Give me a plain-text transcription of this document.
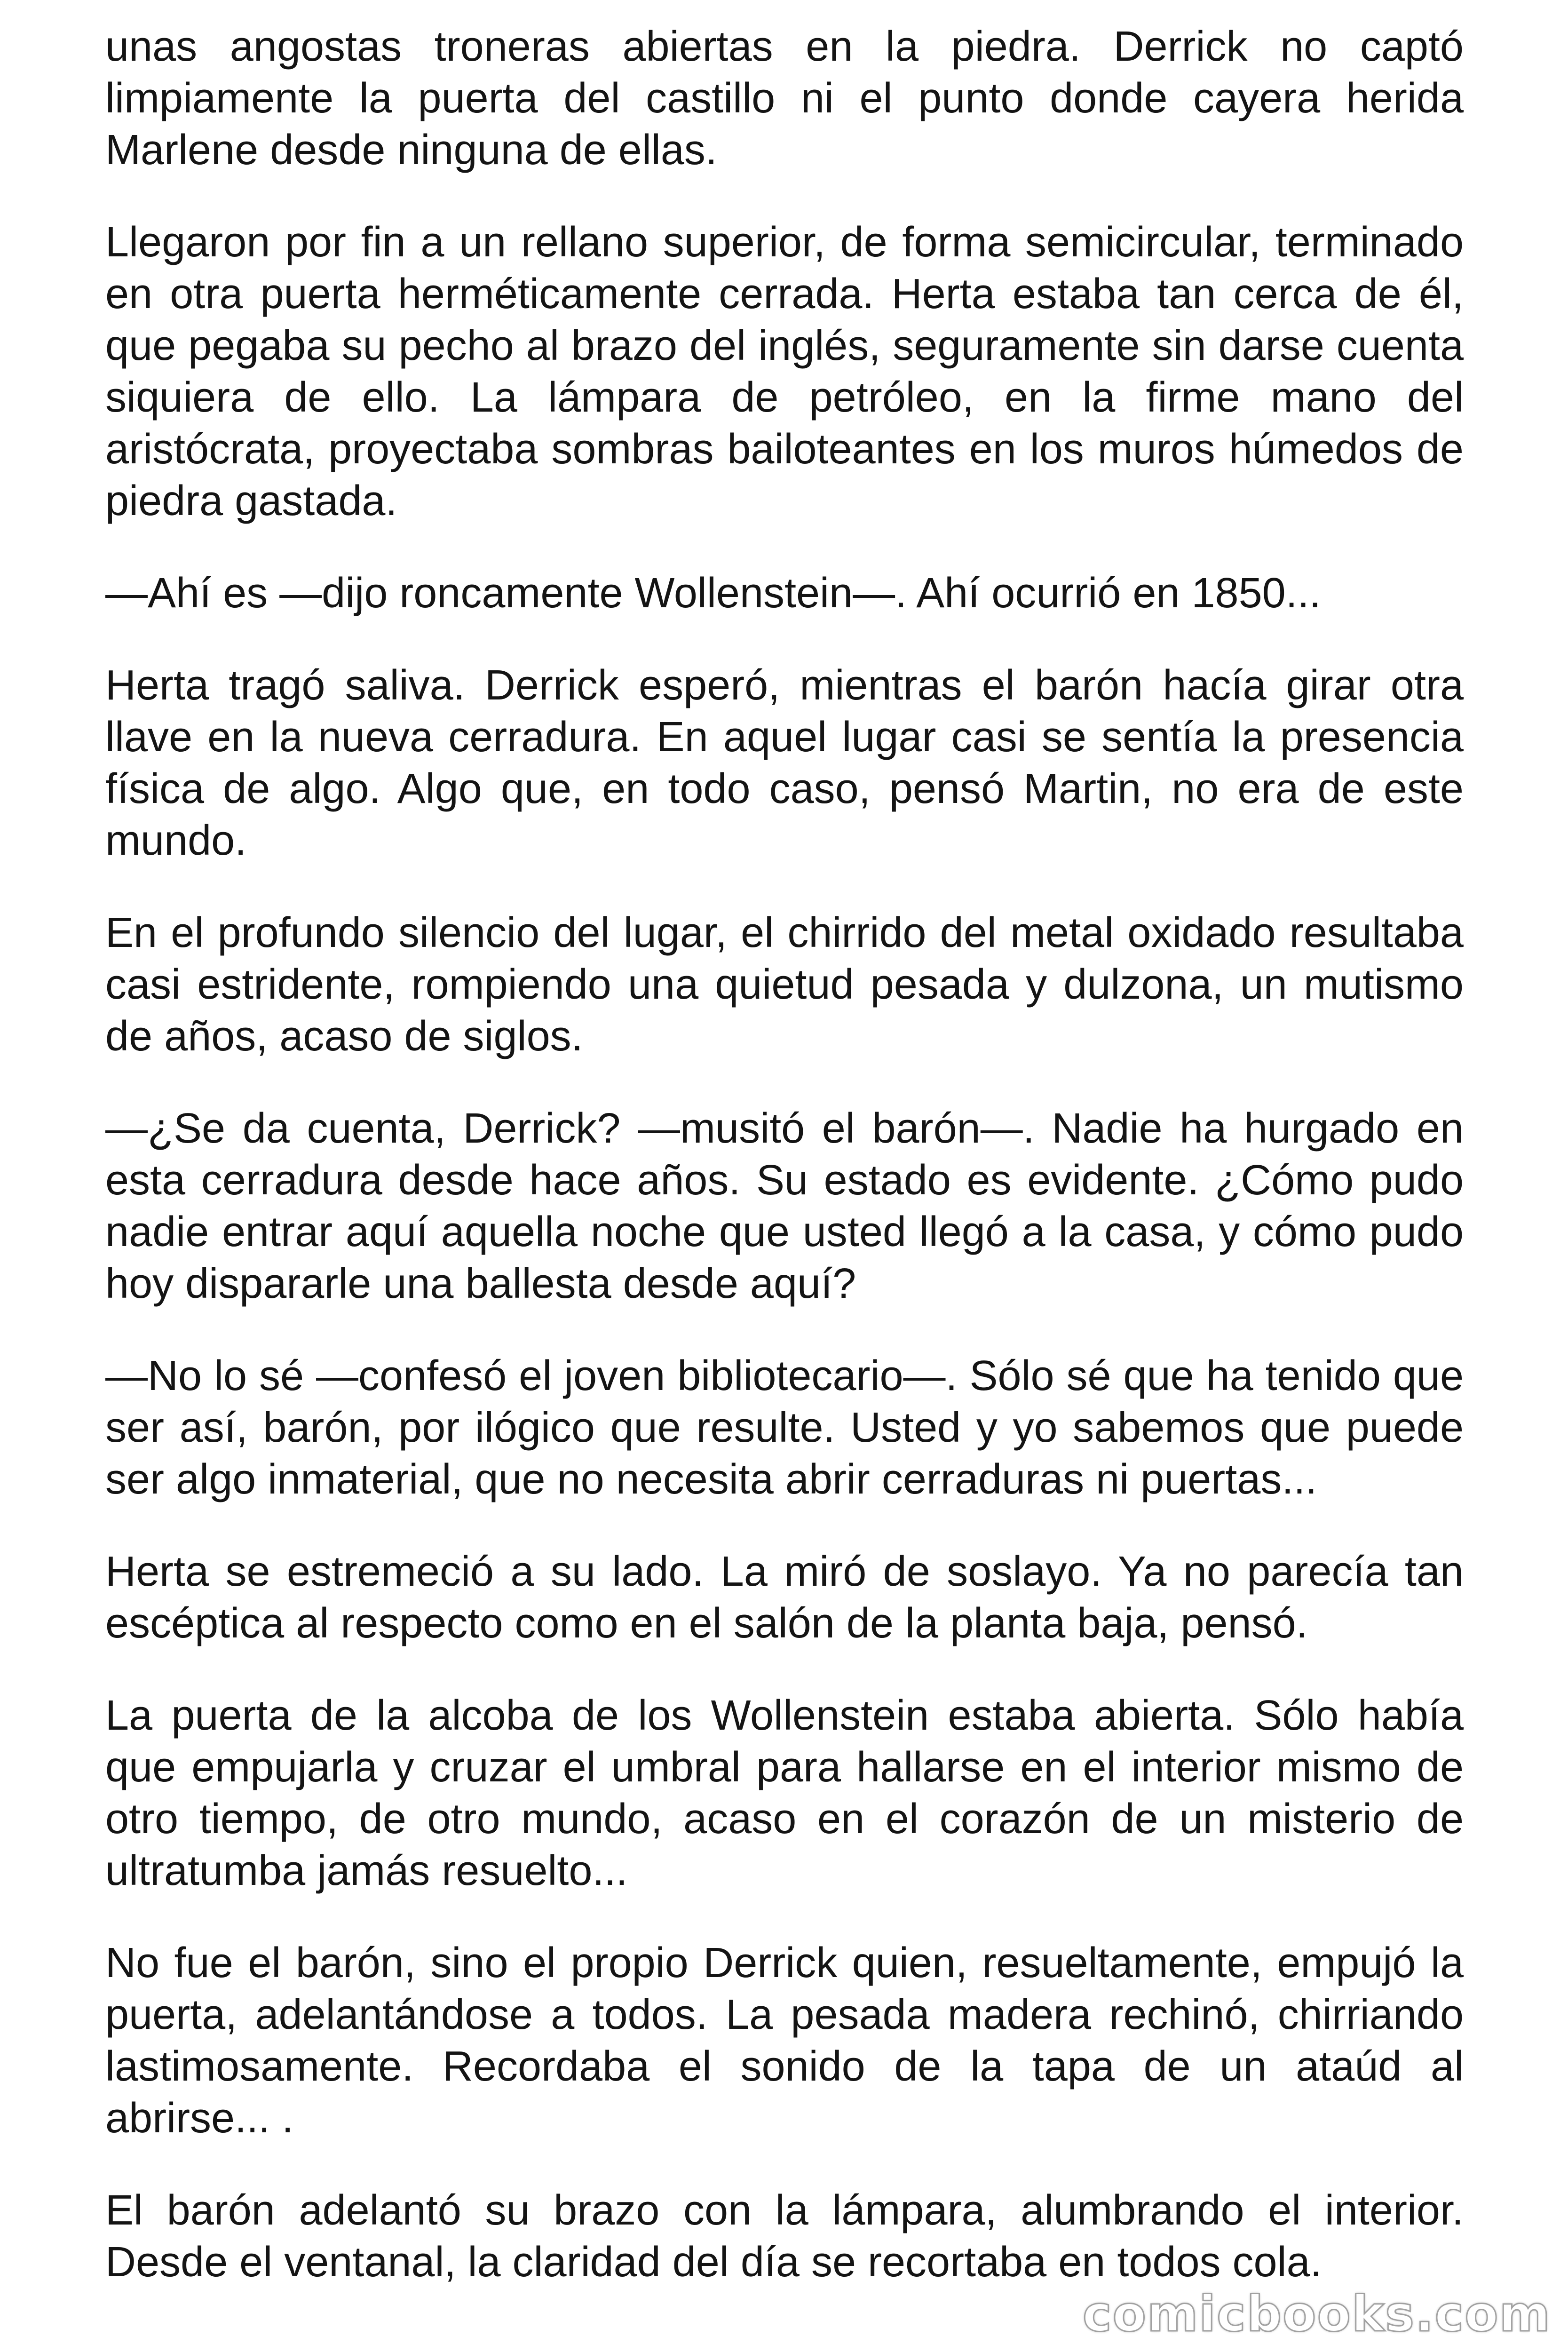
unas angostas troneras abiertas en la piedra. Derrick no captó limpiamente la puerta del castillo ni el punto donde cayera herida Marlene desde ninguna de ellas.

Llegaron por fin a un rellano superior, de forma semicircular, terminado en otra puerta herméticamente cerrada. Herta estaba tan cerca de él, que pegaba su pecho al brazo del inglés, seguramente sin darse cuenta siquiera de ello. La lámpara de petróleo, en la firme mano del aristócrata, proyectaba sombras bailoteantes en los muros húmedos de piedra gastada.

—Ahí es —dijo roncamente Wollenstein—. Ahí ocurrió en 1850...

Herta tragó saliva. Derrick esperó, mientras el barón hacía girar otra llave en la nueva cerradura. En aquel lugar casi se sentía la presencia física de algo. Algo que, en todo caso, pensó Martin, no era de este mundo.

En el profundo silencio del lugar, el chirrido del metal oxidado resultaba casi estridente, rompiendo una quietud pesada y dulzona, un mutismo de años, acaso de siglos.

—¿Se da cuenta, Derrick? —musitó el barón—. Nadie ha hurgado en esta cerradura desde hace años. Su estado es evidente. ¿Cómo pudo nadie entrar aquí aquella noche que usted llegó a la casa, y cómo pudo hoy dispararle una ballesta desde aquí?

—No lo sé —confesó el joven bibliotecario—. Sólo sé que ha tenido que ser así, barón, por ilógico que resulte. Usted y yo sabemos que puede ser algo inmaterial, que no necesita abrir cerraduras ni puertas...

Herta se estremeció a su lado. La miró de soslayo. Ya no parecía tan escéptica al respecto como en el salón de la planta baja, pensó.

La puerta de la alcoba de los Wollenstein estaba abierta. Sólo había que empujarla y cruzar el umbral para hallarse en el interior mismo de otro tiempo, de otro mundo, acaso en el corazón de un misterio de ultratumba jamás resuelto...

No fue el barón, sino el propio Derrick quien, resueltamente, empujó la puerta, adelantándose a todos. La pesada madera rechinó, chirriando lastimosamente. Recordaba el sonido de la tapa de un ataúd al abrirse... .

El barón adelantó su brazo con la lámpara, alumbrando el interior. Desde el ventanal, la claridad del día se recortaba en todos cola.

comicbooks.com
